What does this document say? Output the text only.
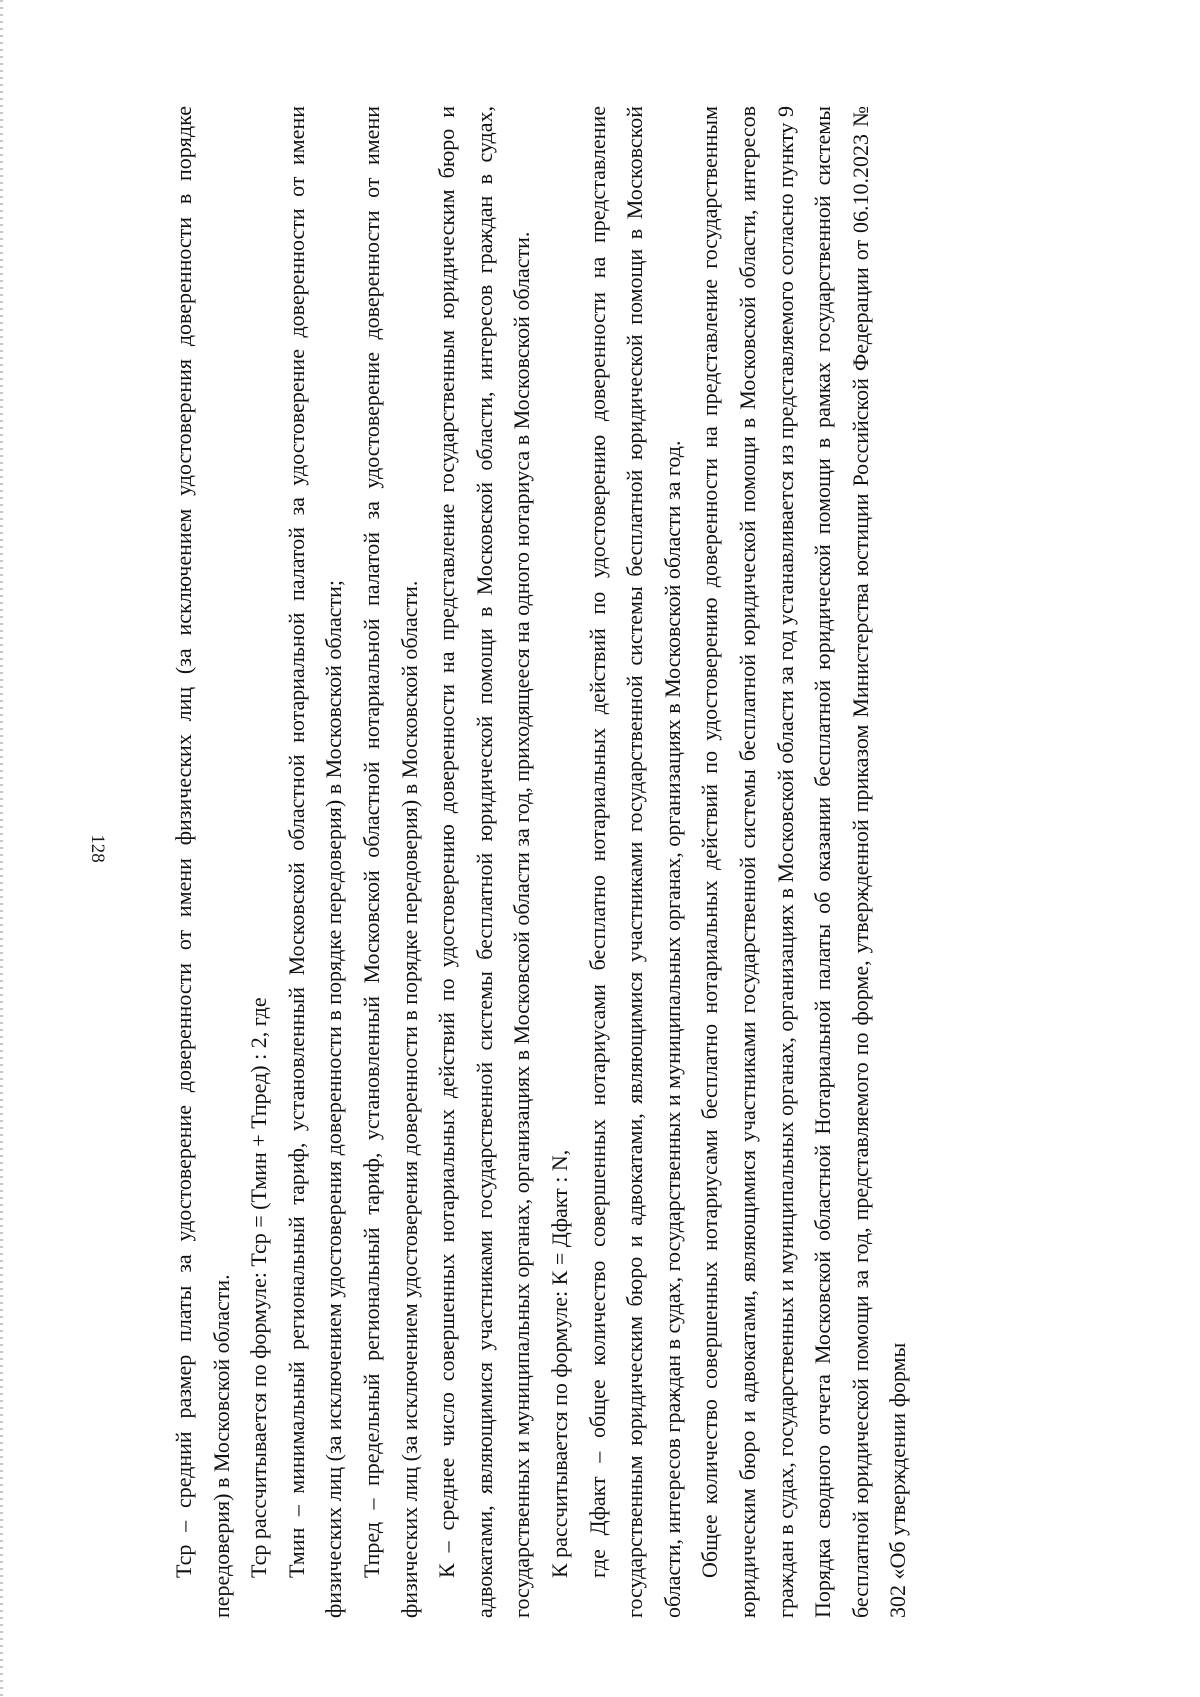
128	Тср – средний размер платы за удостоверение доверенности от имени физических лиц (за исключением удостоверения доверенности в порядке передоверия) в Московской области. Тср рассчитывается по формуле: Тср = (Тмин + Тпред) : 2, где Тмин – минимальный региональный тариф, установленный Московской областной нотариальной палатой за удостоверение доверенности от имени физических лиц (за исключением удостоверения доверенности в порядке передоверия) в Московской области; Тпред – предельный региональный тариф, установленный Московской областной нотариальной палатой за удостоверение доверенности от имени физических лиц (за исключением удостоверения доверенности в порядке передоверия) в Московской области. К – среднее число совершенных нотариальных действий по удостоверению доверенности на представление государственным юридическим бюро и адвокатами, являющимися участниками государственной системы бесплатной юридической помощи в Московской области, интересов граждан в судах, государственных и муниципальных органах, организациях в Московской области за год, приходящееся на одного нотариуса в Московской области. К рассчитывается по формуле: К = Дфакт : N, где Дфакт – общее количество совершенных нотариусами бесплатно нотариальных действий по удостоверению доверенности на представление государственным юридическим бюро и адвокатами, являющимися участниками государственной системы бесплатной юридической помощи в Московской области, интересов граждан в судах, государственных и муниципальных органах, организациях в Московской области за год. Общее количество совершенных нотариусами бесплатно нотариальных действий по удостоверению доверенности на представление государственным юридическим бюро и адвокатами, являющимися участниками государственной системы бесплатной юридической помощи в Московской области, интересов граждан в судах, государственных и муниципальных органах, организациях в Московской области за год устанавливается из представляемого согласно пункту 9 Порядка сводного отчета Московской областной Нотариальной палаты об оказании бесплатной юридической помощи в рамках государственной системы бесплатной юридической помощи за год, представляемого по форме, утвержденной приказом Министерства юстиции Российской Федерации от 06.10.2023 № 302 «Об утверждении формы
